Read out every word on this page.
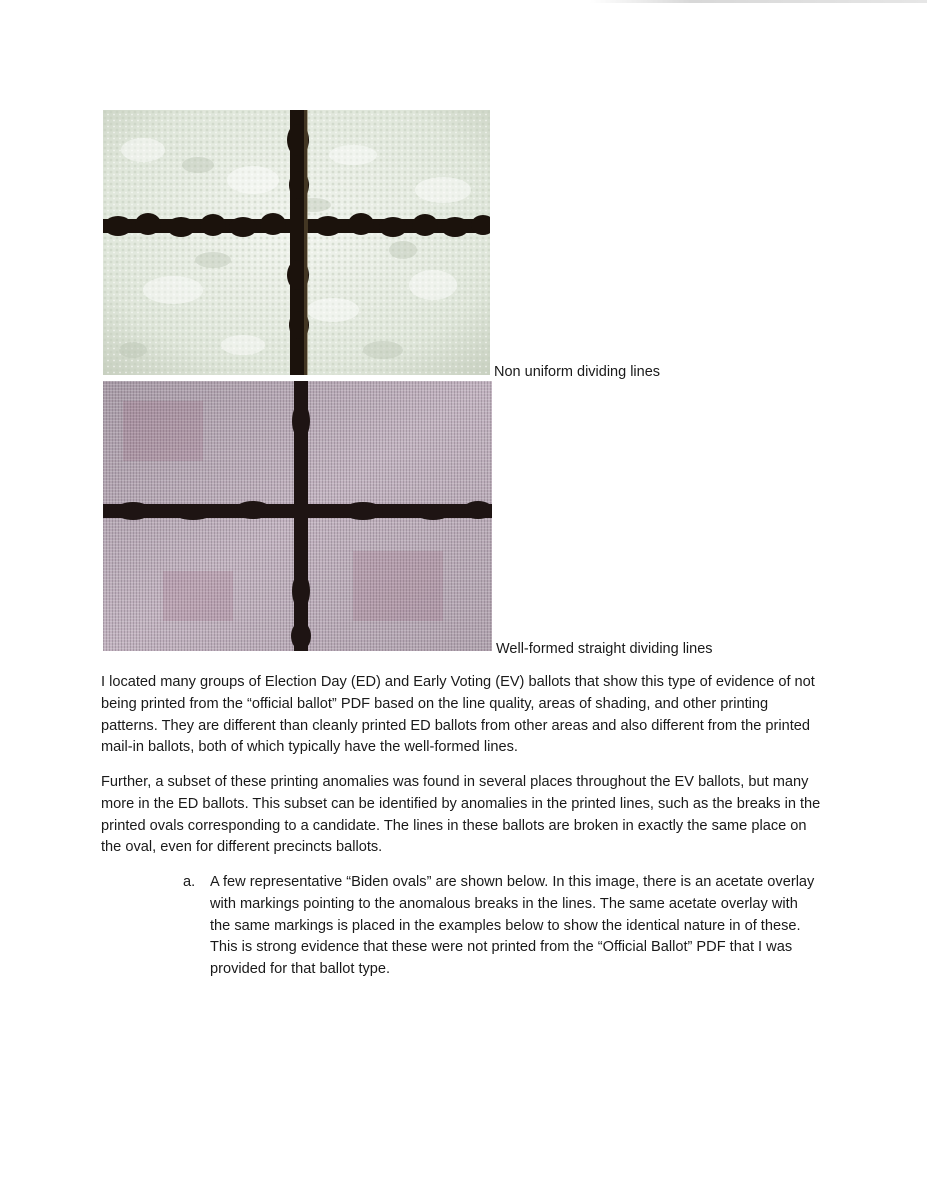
Non uniform dividing lines
Well-formed straight dividing lines

I located many groups of Election Day (ED) and Early Voting (EV) ballots that show this type of evidence of not being printed from the “official ballot” PDF based on the line quality, areas of shading, and other printing patterns. They are different than cleanly printed ED ballots from other areas and also different from the printed mail-in ballots, both of which typically have the well-formed lines.

Further, a subset of these printing anomalies was found in several places throughout the EV ballots, but many more in the ED ballots. This subset can be identified by anomalies in the printed lines, such as the breaks in the printed ovals corresponding to a candidate. The lines in these ballots are broken in exactly the same place on the oval, even for different precincts ballots.

a. A few representative “Biden ovals” are shown below. In this image, there is an acetate overlay with markings pointing to the anomalous breaks in the lines. The same acetate overlay with the same markings is placed in the examples below to show the identical nature in of these. This is strong evidence that these were not printed from the “Official Ballot” PDF that I was provided for that ballot type.
